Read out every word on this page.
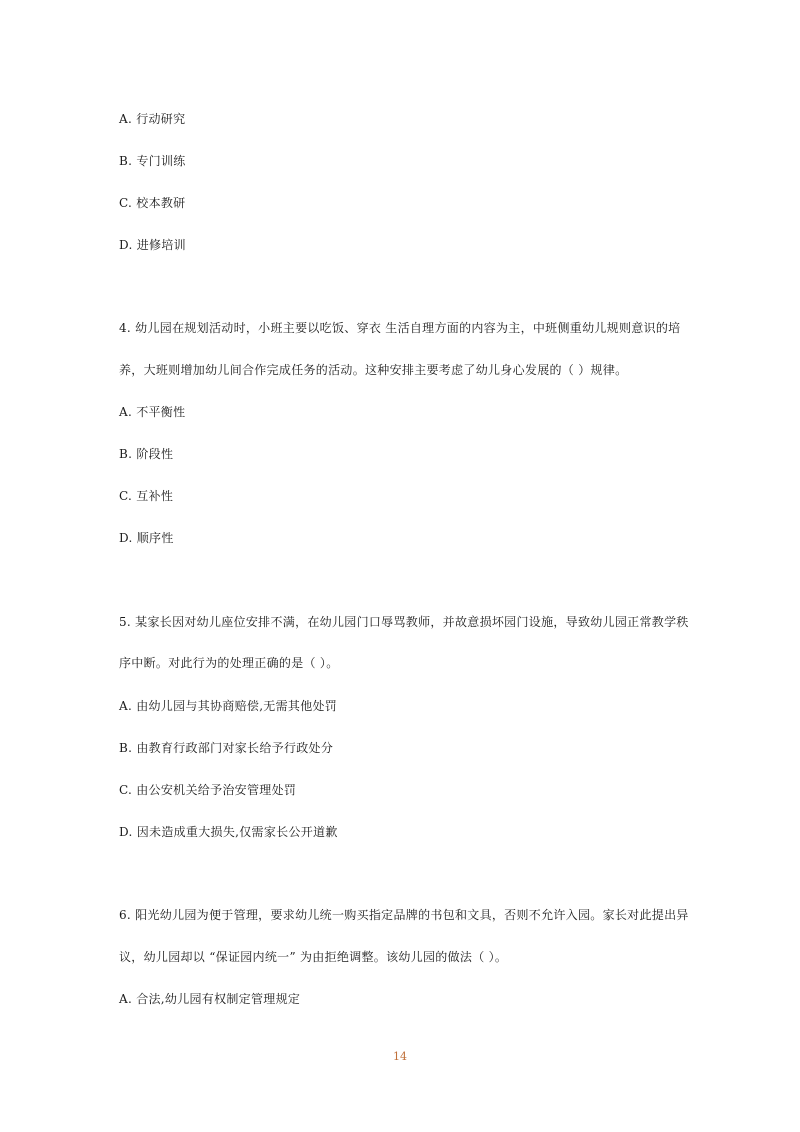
A. 行动研究
B. 专门训练
C. 校本教研
D. 进修培训
4. 幼儿园在规划活动时，小班主要以吃饭、穿衣 生活自理方面的内容为主，中班侧重幼儿规则意识的培
养，大班则增加幼儿间合作完成任务的活动。这种安排主要考虑了幼儿身心发展的（ ）规律。
A. 不平衡性
B. 阶段性
C. 互补性
D. 顺序性
5. 某家长因对幼儿座位安排不满，在幼儿园门口辱骂教师，并故意损坏园门设施，导致幼儿园正常教学秩
序中断。对此行为的处理正确的是（ ）。
A. 由幼儿园与其协商赔偿,无需其他处罚
B. 由教育行政部门对家长给予行政处分
C. 由公安机关给予治安管理处罚
D. 因未造成重大损失,仅需家长公开道歉
6. 阳光幼儿园为便于管理，要求幼儿统一购买指定品牌的书包和文具，否则不允许入园。家长对此提出异
议，幼儿园却以 “保证园内统一” 为由拒绝调整。该幼儿园的做法（ ）。
A. 合法,幼儿园有权制定管理规定
14
